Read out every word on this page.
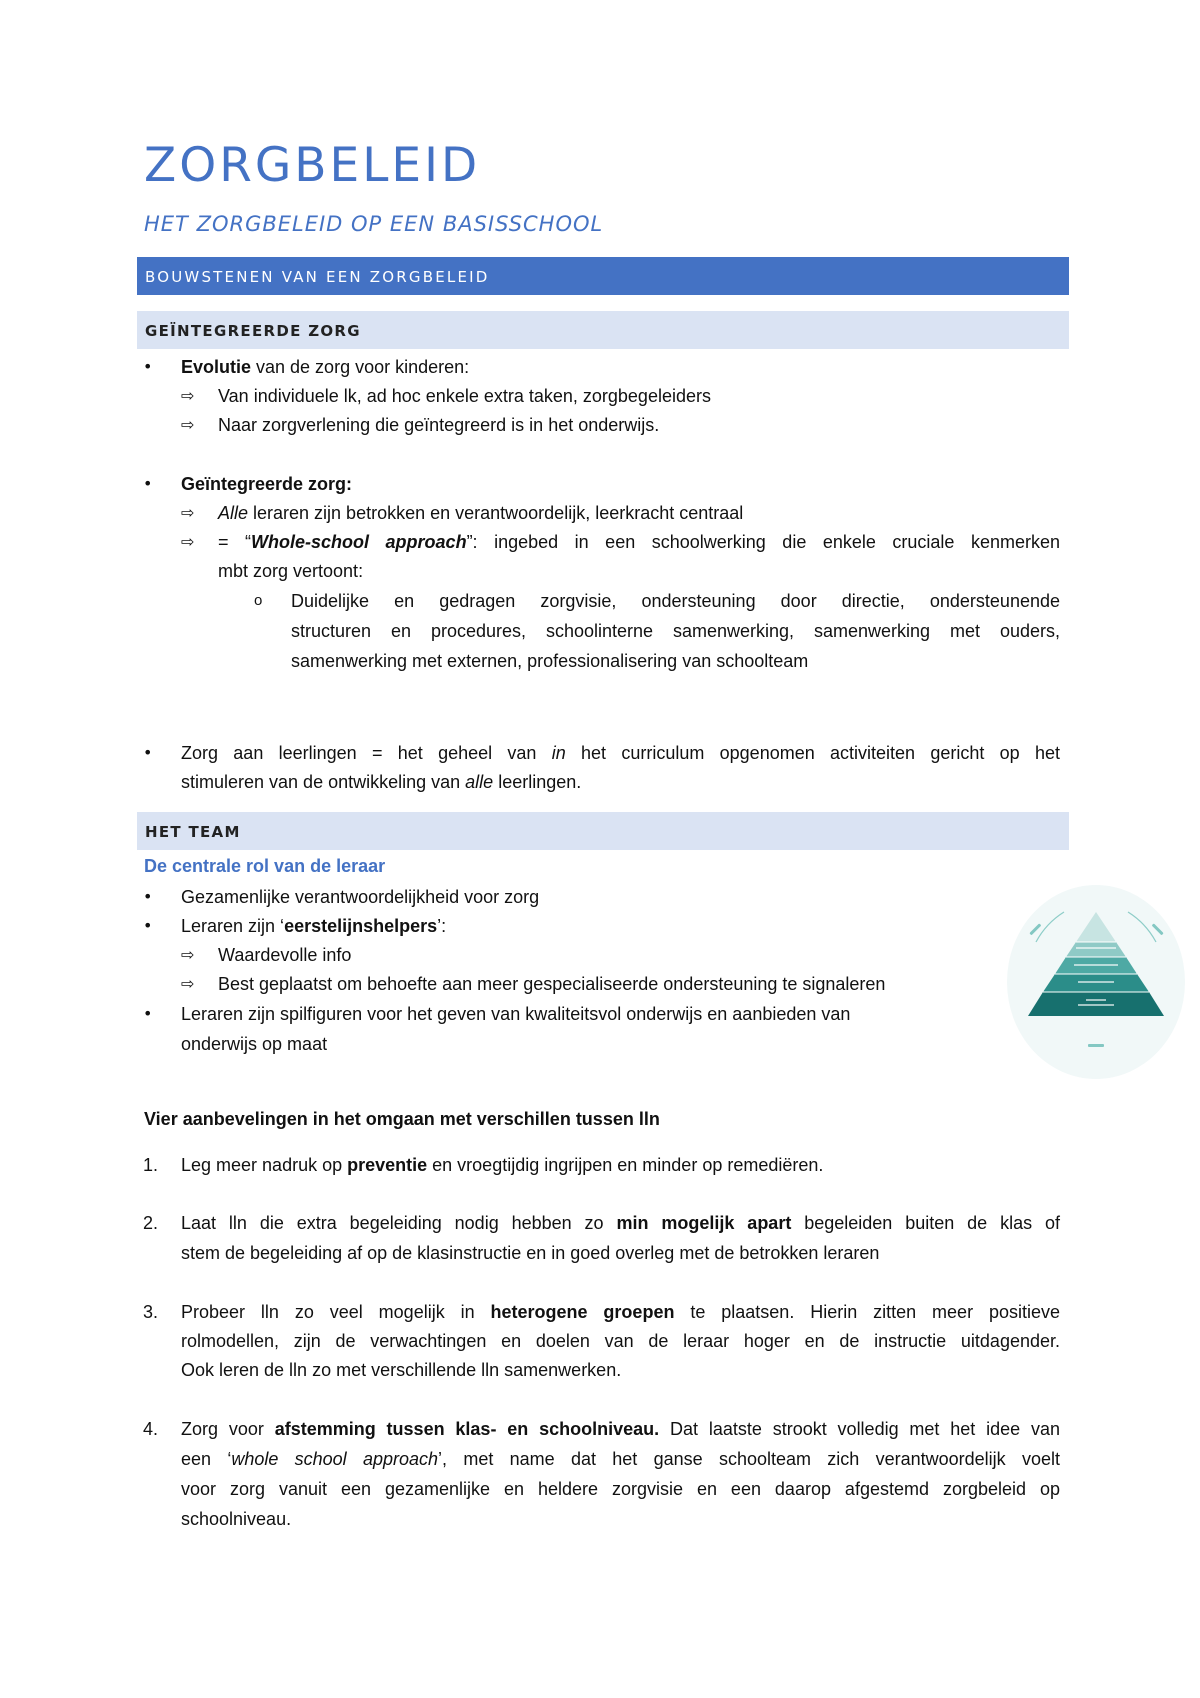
ZORGBELEID
HET ZORGBELEID OP EEN BASISSCHOOL
BOUWSTENEN VAN EEN ZORGBELEID
GEÏNTEGREERDE ZORG
• Evolutie van de zorg voor kinderen:
⇨ Van individuele lk, ad hoc enkele extra taken, zorgbegeleiders
⇨ Naar zorgverlening die geïntegreerd is in het onderwijs.
• Geïntegreerde zorg:
⇨ Alle leraren zijn betrokken en verantwoordelijk, leerkracht centraal
⇨ = “Whole-school approach”: ingebed in een schoolwerking die enkele cruciale kenmerken
mbt zorg vertoont:
o Duidelijke en gedragen zorgvisie, ondersteuning door directie, ondersteunende
structuren en procedures, schoolinterne samenwerking, samenwerking met ouders,
samenwerking met externen, professionalisering van schoolteam
• Zorg aan leerlingen = het geheel van in het curriculum opgenomen activiteiten gericht op het
stimuleren van de ontwikkeling van alle leerlingen.
HET TEAM
De centrale rol van de leraar
• Gezamenlijke verantwoordelijkheid voor zorg
• Leraren zijn ‘eerstelijnshelpers’:
⇨ Waardevolle info
⇨ Best geplaatst om behoefte aan meer gespecialiseerde ondersteuning te signaleren
• Leraren zijn spilfiguren voor het geven van kwaliteitsvol onderwijs en aanbieden van
onderwijs op maat
Vier aanbevelingen in het omgaan met verschillen tussen lln
1. Leg meer nadruk op preventie en vroegtijdig ingrijpen en minder op remediëren.
2. Laat lln die extra begeleiding nodig hebben zo min mogelijk apart begeleiden buiten de klas of
stem de begeleiding af op de klasinstructie en in goed overleg met de betrokken leraren
3. Probeer lln zo veel mogelijk in heterogene groepen te plaatsen. Hierin zitten meer positieve
rolmodellen, zijn de verwachtingen en doelen van de leraar hoger en de instructie uitdagender.
Ook leren de lln zo met verschillende lln samenwerken.
4. Zorg voor afstemming tussen klas- en schoolniveau. Dat laatste strookt volledig met het idee van
een ‘whole school approach’, met name dat het ganse schoolteam zich verantwoordelijk voelt
voor zorg vanuit een gezamenlijke en heldere zorgvisie en een daarop afgestemd zorgbeleid op
schoolniveau.
